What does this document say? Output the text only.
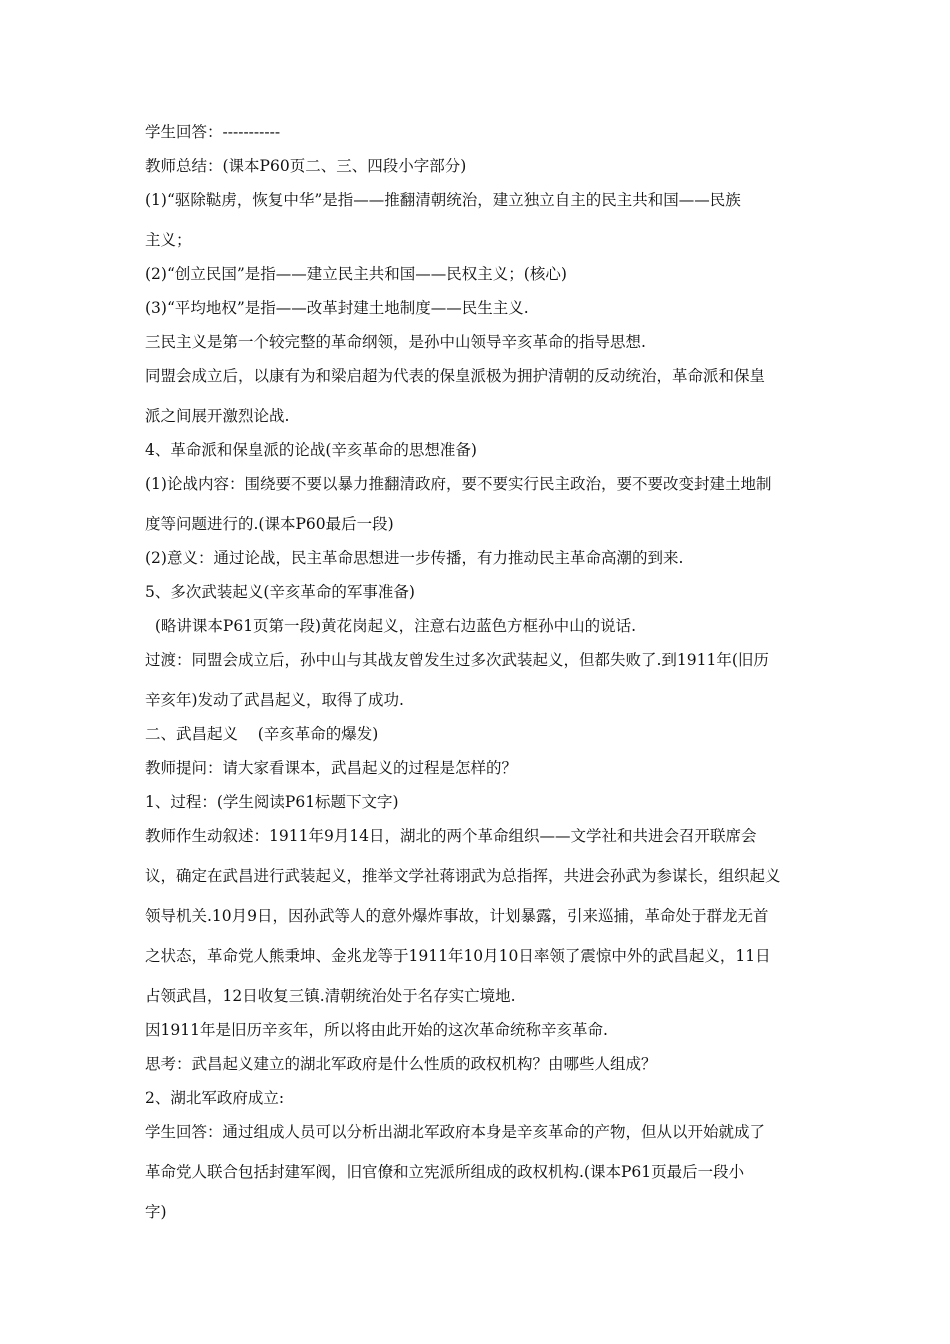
学生回答：-----------
教师总结：(课本P60页二、三、四段小字部分)
(1)“驱除鞑虏，恢复中华”是指——推翻清朝统治，建立独立自主的民主共和国——民族
主义；
(2)“创立民国”是指——建立民主共和国——民权主义；(核心)
(3)“平均地权”是指——改革封建土地制度——民生主义.
三民主义是第一个较完整的革命纲领，是孙中山领导辛亥革命的指导思想.
同盟会成立后，以康有为和梁启超为代表的保皇派极为拥护清朝的反动统治，革命派和保皇
派之间展开激烈论战.
4、革命派和保皇派的论战(辛亥革命的思想准备)
(1)论战内容：围绕要不要以暴力推翻清政府，要不要实行民主政治，要不要改变封建土地制
度等问题进行的.(课本P60最后一段)
(2)意义：通过论战，民主革命思想进一步传播，有力推动民主革命高潮的到来.
5、多次武装起义(辛亥革命的军事准备)
(略讲课本P61页第一段)黄花岗起义，注意右边蓝色方框孙中山的说话.
过渡：同盟会成立后，孙中山与其战友曾发生过多次武装起义，但都失败了.到1911年(旧历
辛亥年)发动了武昌起义，取得了成功.
二、武昌起义    (辛亥革命的爆发)
教师提问：请大家看课本，武昌起义的过程是怎样的？
1、过程：(学生阅读P61标题下文字)
教师作生动叙述：1911年9月14日，湖北的两个革命组织——文学社和共进会召开联席会
议，确定在武昌进行武装起义，推举文学社蒋诩武为总指挥，共进会孙武为参谋长，组织起义
领导机关.10月9日，因孙武等人的意外爆炸事故，计划暴露，引来巡捕，革命处于群龙无首
之状态，革命党人熊秉坤、金兆龙等于1911年10月10日率领了震惊中外的武昌起义，11日
占领武昌，12日收复三镇.清朝统治处于名存实亡境地.
因1911年是旧历辛亥年，所以将由此开始的这次革命统称辛亥革命.
思考：武昌起义建立的湖北军政府是什么性质的政权机构？由哪些人组成？
2、湖北军政府成立:
学生回答：通过组成人员可以分析出湖北军政府本身是辛亥革命的产物，但从以开始就成了
革命党人联合包括封建军阀，旧官僚和立宪派所组成的政权机构.(课本P61页最后一段小
字)
